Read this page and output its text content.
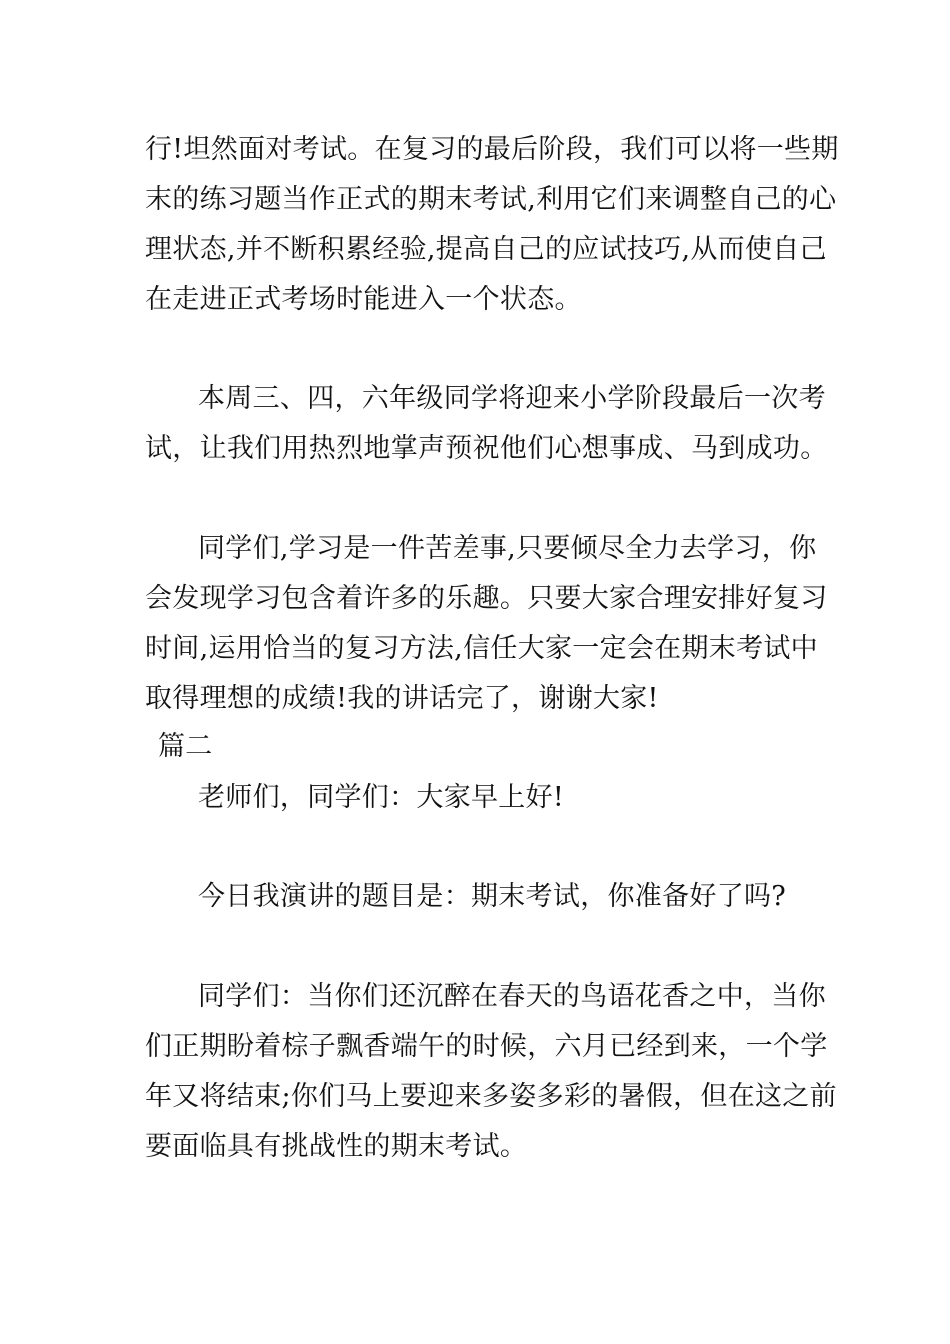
行!坦然面对考试。在复习的最后阶段，我们可以将一些期
末的练习题当作正式的期末考试,利用它们来调整自己的心
理状态,并不断积累经验,提高自己的应试技巧,从而使自己
在走进正式考场时能进入一个状态。
本周三、四，六年级同学将迎来小学阶段最后一次考
试，让我们用热烈地掌声预祝他们心想事成、马到成功。
同学们,学习是一件苦差事,只要倾尽全力去学习，你
会发现学习包含着许多的乐趣。只要大家合理安排好复习
时间,运用恰当的复习方法,信任大家一定会在期末考试中
取得理想的成绩!我的讲话完了，谢谢大家!
篇二
老师们，同学们：大家早上好!
今日我演讲的题目是：期末考试，你准备好了吗?
同学们：当你们还沉醉在春天的鸟语花香之中，当你
们正期盼着棕子飘香端午的时候，六月已经到来，一个学
年又将结束;你们马上要迎来多姿多彩的暑假，但在这之前
要面临具有挑战性的期末考试。
